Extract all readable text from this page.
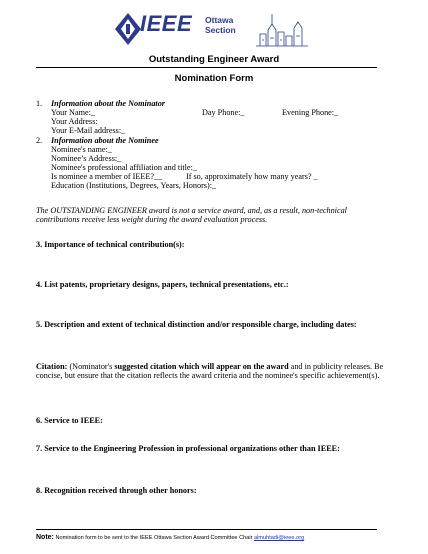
IEEE Ottawa
Section
Outstanding Engineer Award
Nomination Form
1. Information about the Nominator
Your Name:_	Day Phone:_	Evening Phone:_
Your Address:
Your E-Mail address:_
2. Information about the Nominee
Nominee's name:_
Nominee’s Address:_
Nominee's professional affiliation and title:_
Is nominee a member of IEEE?__	If so, approximately how many years? _
Education (Institutions, Degrees, Years, Honors):_
The OUTSTANDING ENGINEER award is not a service award, and, as a result, non-technical contributions receive less weight during the award evaluation process.
3. Importance of technical contribution(s):
4. List patents, proprietary designs, papers, technical presentations, etc.:
5. Description and extent of technical distinction and/or responsible charge, including dates:
Citation: (Nominator's suggested citation which will appear on the award and in publicity releases. Be concise, but ensure that the citation reflects the award criteria and the nominee's specific achievement(s).
6. Service to IEEE:
7. Service to the Engineering Profession in professional organizations other than IEEE:
8. Recognition received through other honors:
Note: Nomination form to be sent to the IEEE Ottawa Section Award Committee Chair almuhtadi@ieee.org
